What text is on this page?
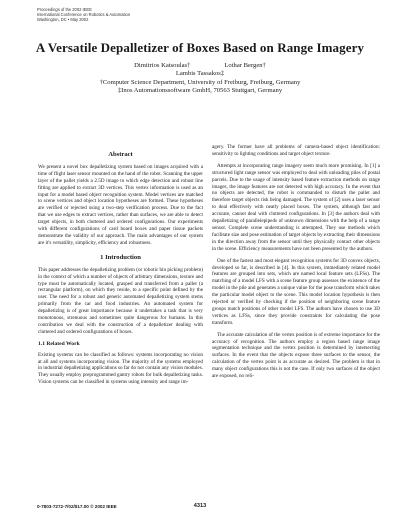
Proceedings of the 2002 IEEE
International Conference on Robotics & Automation
Washington, DC • May 2002
A Versatile Depalletizer of Boxes Based on Range Imagery
Dimitrios Katsoulas†	Lothar Bergen†
Lambis Tassakos‡
†Computer Science Department, University of Freiburg, Freiburg, Germany
‡Inos Automationssoftware GmbH, 70563 Stuttgart, Germany
Abstract

We present a novel box depalletizing system based on images acquired with a time of flight laser sensor mounted on the hand of the robot. Scanning the upper layer of the pallet yields a 2.5D image to which edge detection and robust line fitting are applied to extract 3D vertices. This vertex information is used as an input for a model based object recognition system. Model vertices are matched to scene vertices and object location hypotheses are formed. These hypotheses are verified or rejected using a two-step verification process. Due to the fact that we use edges to extract vertices, rather than surfaces, we are able to detect target objects, in both cluttered and ordered configurations. Our experiments with different configurations of card board boxes and paper tissue packets demonstrate the validity of our approach. The main advantages of our system are it's versatility, simplicity, efficiency and robustness.

1 Introduction

This paper addresses the depalletizing problem (or robotic bin picking problem) in the context of which a number of objects of arbitrary dimensions, texture and type must be automatically located, grasped and transferred from a pallet (a rectangular platform), on which they reside, to a specific point defined by the user. The need for a robust and generic automated depalletizing system stems primarily from the car and food industries. An automated system for depalletizing is of great importance because it undertakes a task that is very monotonous, strenuous and sometimes quite dangerous for humans. In this contribution we deal with the construction of a depalletizer dealing with cluttered and ordered configurations of boxes.

1.1 Related Work

Existing systems can be classified as follows: systems incorporating no vision at all and systems incorporating vision. The majority of the systems employed in industrial depalletizing applications so far do not contain any vision modules. They usually employ preprogrammed gantry robots for bulk depalletizing tasks. Vision systems can be classified in systems using intensity and range im-

agery. The former have all problems of camera-based object identification: sensitivity to lighting conditions and target object texture.

Attempts at incorporating range imagery seem much more promising. In [1] a structured light range sensor was employed to deal with unloading piles of postal parcels. Due to the usage of intensity based feature extraction methods on range images, the image features are not detected with high accuracy. In the event that no objects are detected, the robot is commanded to disturb the pallet and therefore target objects risk being damaged. The system of [2] uses a laser sensor to deal effectively with neatly placed boxes. The system, although fast and accurate, cannot deal with cluttered configurations. In [3] the authors deal with depalletizing of parallelepipeds of unknown dimensions with the help of a range sensor. Complete scene understanding is attempted. They use methods which facilitate size and pose estimation of target objects by extracting their dimensions in the direction away from the sensor until they physically contact other objects in the scene. Efficiency measurements have not been presented by the authors.

One of the fastest and most elegant recognition systems for 3D convex objects, developed so far, is described in [4]. In this system, immediately related model features are grouped into sets, which are named local feature sets (LFSs). The matching of a model LFS with a scene feature group assesses the existence of the model in the pile and generates a unique value for the pose transform which takes the particular model object to the scene. This model location hypothesis is then rejected or verified by checking if the position of neighboring scene feature groups match positions of other model LFS. The authors have chosen to use 3D vertices as LFSs, since they provide constraints for calculating the pose transform.

The accurate calculation of the vertex position is of extreme importance for the accuracy of recognition. The authors employ a region based range image segmentation technique and the vertex position is determined by intersecting surfaces. In the event that the objects expose three surfaces to the sensor, the calculation of the vertex point is as accurate as desired. The problem is that in many object configurations this is not the case. If only two surfaces of the object are exposed, no reli-

0-7803-7272-7/02/$17.00 © 2002 IEEE	4313
